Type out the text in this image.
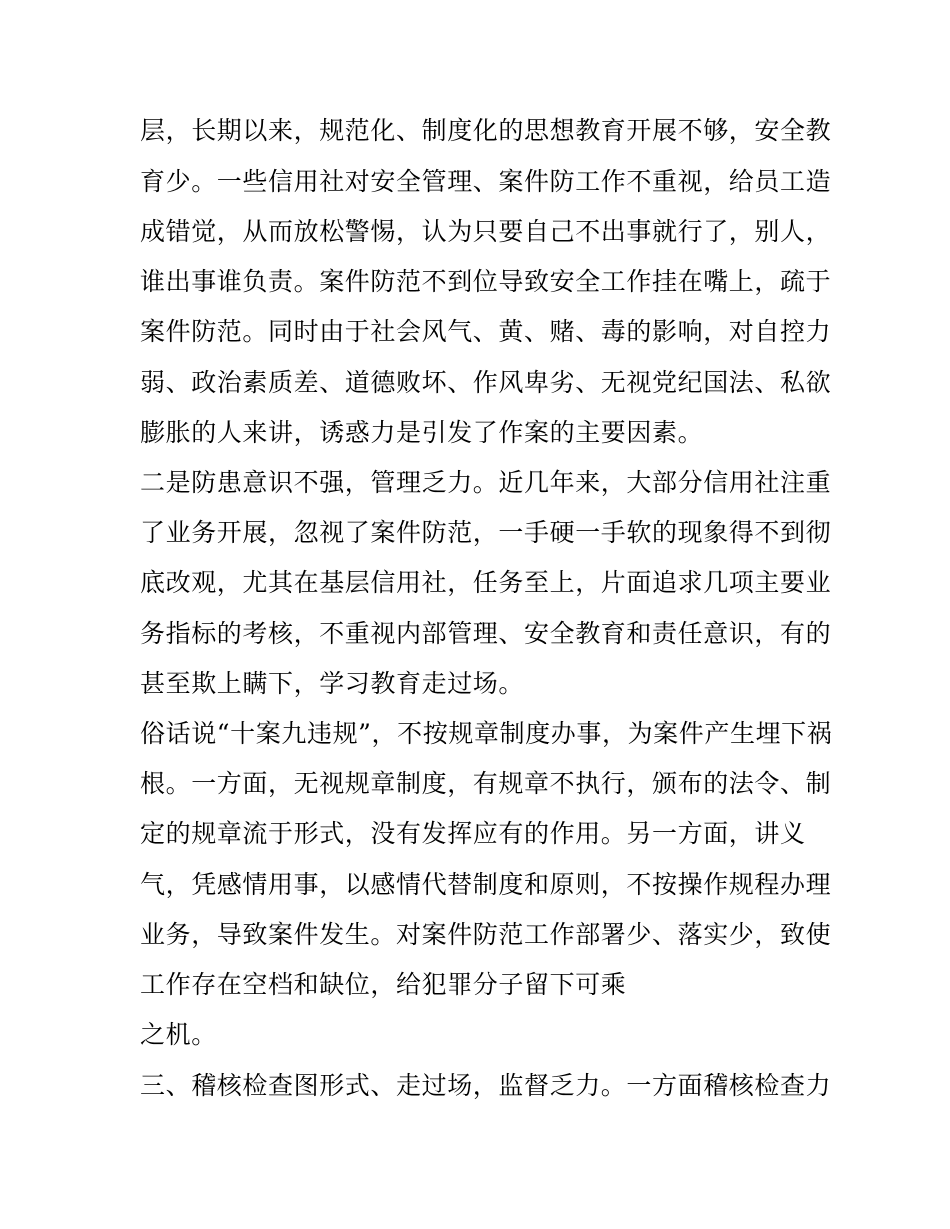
层，长期以来，规范化、制度化的思想教育开展不够，安全教
育少。一些信用社对安全管理、案件防工作不重视，给员工造
成错觉，从而放松警惕，认为只要自己不出事就行了，别人，
谁出事谁负责。案件防范不到位导致安全工作挂在嘴上，疏于
案件防范。同时由于社会风气、黄、赌、毒的影响，对自控力
弱、政治素质差、道德败坏、作风卑劣、无视党纪国法、私欲
膨胀的人来讲，诱惑力是引发了作案的主要因素。
二是防患意识不强，管理乏力。近几年来，大部分信用社注重
了业务开展，忽视了案件防范，一手硬一手软的现象得不到彻
底改观，尤其在基层信用社，任务至上，片面追求几项主要业
务指标的考核，不重视内部管理、安全教育和责任意识，有的
甚至欺上瞒下，学习教育走过场。
俗话说“十案九违规”，不按规章制度办事，为案件产生埋下祸
根。一方面，无视规章制度，有规章不执行，颁布的法令、制
定的规章流于形式，没有发挥应有的作用。另一方面，讲义
气，凭感情用事，以感情代替制度和原则，不按操作规程办理
业务，导致案件发生。对案件防范工作部署少、落实少，致使
工作存在空档和缺位，给犯罪分子留下可乘
之机。
三、稽核检查图形式、走过场，监督乏力。一方面稽核检查力
